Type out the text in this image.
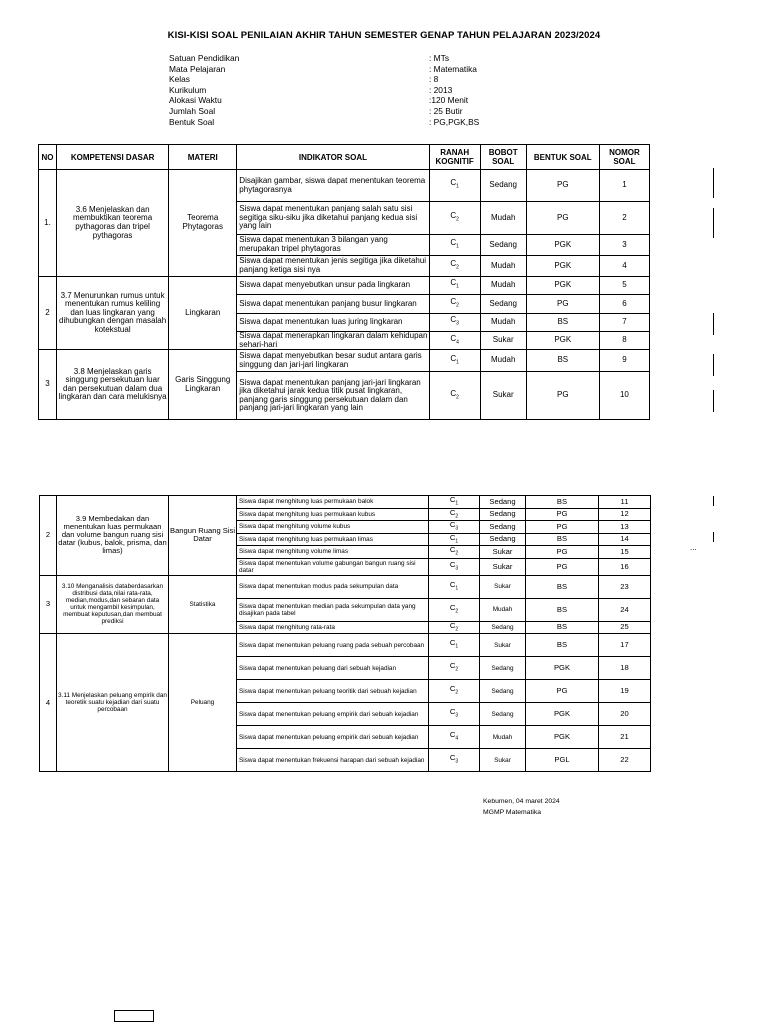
KISI-KISI SOAL PENILAIAN AKHIR TAHUN SEMESTER GENAP TAHUN PELAJARAN 2023/2024
Satuan Pendidikan	: MTs
Mata Pelajaran	: Matematika
Kelas	: 8
Kurikulum	: 2013
Alokasi Waktu	:120 Menit
Jumlah Soal	: 25 Butir
Bentuk Soal	: PG,PGK,BS
NO	KOMPETENSI DASAR	MATERI	INDIKATOR SOAL	RANAH KOGNITIF	BOBOT SOAL	BENTUK SOAL	NOMOR SOAL
1.	3.6 Menjelaskan dan membuktikan teorema pythagoras dan tripel pythagoras	Teorema Phytagoras	Disajikan gambar, siswa dapat menentukan teorema phytagorasnya	$C_1$	Sedang	PG	1
			Siswa dapat menentukan panjang salah satu sisi segitiga siku-siku jika diketahui panjang kedua sisi yang lain	$C_2$	Mudah	PG	2
			Siswa dapat menentukan 3 bilangan yang merupakan tripel phytagoras	$C_1$	Sedang	PGK	3
			Siswa dapat menentukan jenis segitiga jika diketahui panjang ketiga sisi nya	$C_2$	Mudah	PGK	4
2	3.7 Menurunkan rumus untuk menentukan rumus keliling dan luas lingkaran yang dihubungkan dengan masalah kotekstual	Lingkaran	Siswa dapat menyebutkan unsur pada lingkaran	$C_1$	Mudah	PGK	5
			Siswa dapat menentukan panjang busur lingkaran	$C_2$	Sedang	PG	6
			Siswa dapat menentukan luas juring lingkaran	$C_3$	Mudah	BS	7
			Siswa dapat menerapkan lingkaran dalam kehidupan sehari-hari	$C_4$	Sukar	PGK	8
3	3.8 Menjelaskan garis singgung persekutuan luar dan persekutuan dalam dua lingkaran dan cara melukisnya	Garis Singgung Lingkaran	Siswa dapat menyebutkan besar sudut antara garis singgung dan jari-jari lingkaran	$C_1$	Mudah	BS	9
			Siswa dapat menentukan panjang jari-jari lingkaran jika diketahui jarak kedua titik pusat lingkaran, panjang garis singgung persekutuan dalam dan panjang jari-jari lingkaran yang lain	$C_2$	Sukar	PG	10
2	3.9 Membedakan dan menentukan luas permukaan dan volume bangun ruang sisi datar (kubus, balok, prisma, dan limas)	Bangun Ruang Sisi Datar	Siswa dapat menghitung luas permukaan balok	$C_1$	Sedang	BS	11
			Siswa dapat menghitung luas permukaan kubus	$C_2$	Sedang	PG	12
			Siswa dapat menghitung volume kubus	$C_3$	Sedang	PG	13
			Siswa dapat menghitung luas permukaan limas	$C_1$	Sedang	BS	14
			Siswa dapat menghitung volume limas	$C_2$	Sukar	PG	15
			Siswa dapat menentukan volume gabungan bangun ruang sisi datar	$C_3$	Sukar	PG	16
3	3.10 Menganalisis databerdasarkan distribusi data,nilai rata-rata, median,modus,dan sebaran data untuk mengambil kesimpulan, membuat keputusan,dan membuat prediksi	Statistika	Siswa dapat menentukan modus pada sekumpulan data	$C_1$	Sukar	BS	23
			Siswa dapat menentukan median pada sekumpulan data yang disajikan pada tabel	$C_2$	Mudah	BS	24
			Siswa dapat menghitung rata-rata	$C_2$	Sedang	BS	25
4	3.11 Menjelaskan peluang empirik dan teoretik suatu kejadian dari suatu percobaan	Peluang	Siswa dapat menentukan peluang ruang pada sebuah percobaan	$C_1$	Sukar	BS	17
			Siswa dapat menentukan peluang dari sebuah kejadian	$C_2$	Sedang	PGK	18
			Siswa dapat menentukan peluang teoritik dari sebuah kejadian	$C_2$	Sedang	PG	19
			Siswa dapat menentukan peluang empirik dari sebuah kejadian	$C_3$	Sedang	PGK	20
			Siswa dapat menentukan peluang empirik dari sebuah kejadian	$C_4$	Mudah	PGK	21
			Siswa dapat menentukan frekuensi harapan dari sebuah kejadian	$C_3$	Sukar	PGL	22
...
Kebumen, 04 maret 2024
MGMP Matematika
